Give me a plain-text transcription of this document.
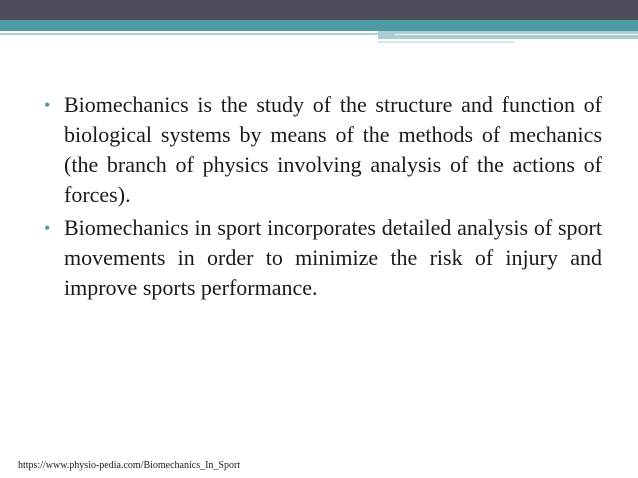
• Biomechanics is the study of the structure and function of biological systems by means of the methods of mechanics (the branch of physics involving analysis of the actions of forces).
• Biomechanics in sport incorporates detailed analysis of sport movements in order to minimize the risk of injury and improve sports performance.
https://www.physio-pedia.com/Biomechanics_In_Sport
